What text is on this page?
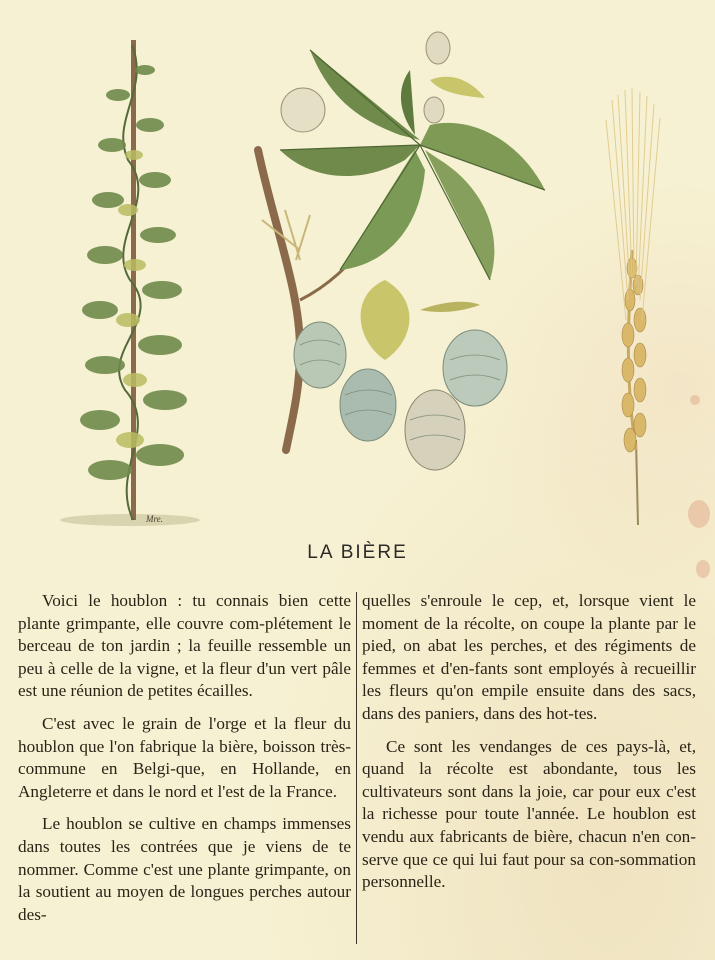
Mre.
LA BIÈRE

Voici le houblon : tu connais bien cette plante grimpante, elle couvre com-plétement le berceau de ton jardin ; la feuille ressemble un peu à celle de la vigne, et la fleur d'un vert pâle est une réunion de petites écailles.

C'est avec le grain de l'orge et la fleur du houblon que l'on fabrique la bière, boisson très-commune en Belgi-que, en Hollande, en Angleterre et dans le nord et l'est de la France.

Le houblon se cultive en champs immenses dans toutes les contrées que je viens de te nommer. Comme c'est une plante grimpante, on la soutient au moyen de longues perches autour des-

quelles s'enroule le cep, et, lorsque vient le moment de la récolte, on coupe la plante par le pied, on abat les perches, et des régiments de femmes et d'en-fants sont employés à recueillir les fleurs qu'on empile ensuite dans des sacs, dans des paniers, dans des hot-tes.

Ce sont les vendanges de ces pays-là, et, quand la récolte est abondante, tous les cultivateurs sont dans la joie, car pour eux c'est la richesse pour toute l'année. Le houblon est vendu aux fabricants de bière, chacun n'en con-serve que ce qui lui faut pour sa con-sommation personnelle.
